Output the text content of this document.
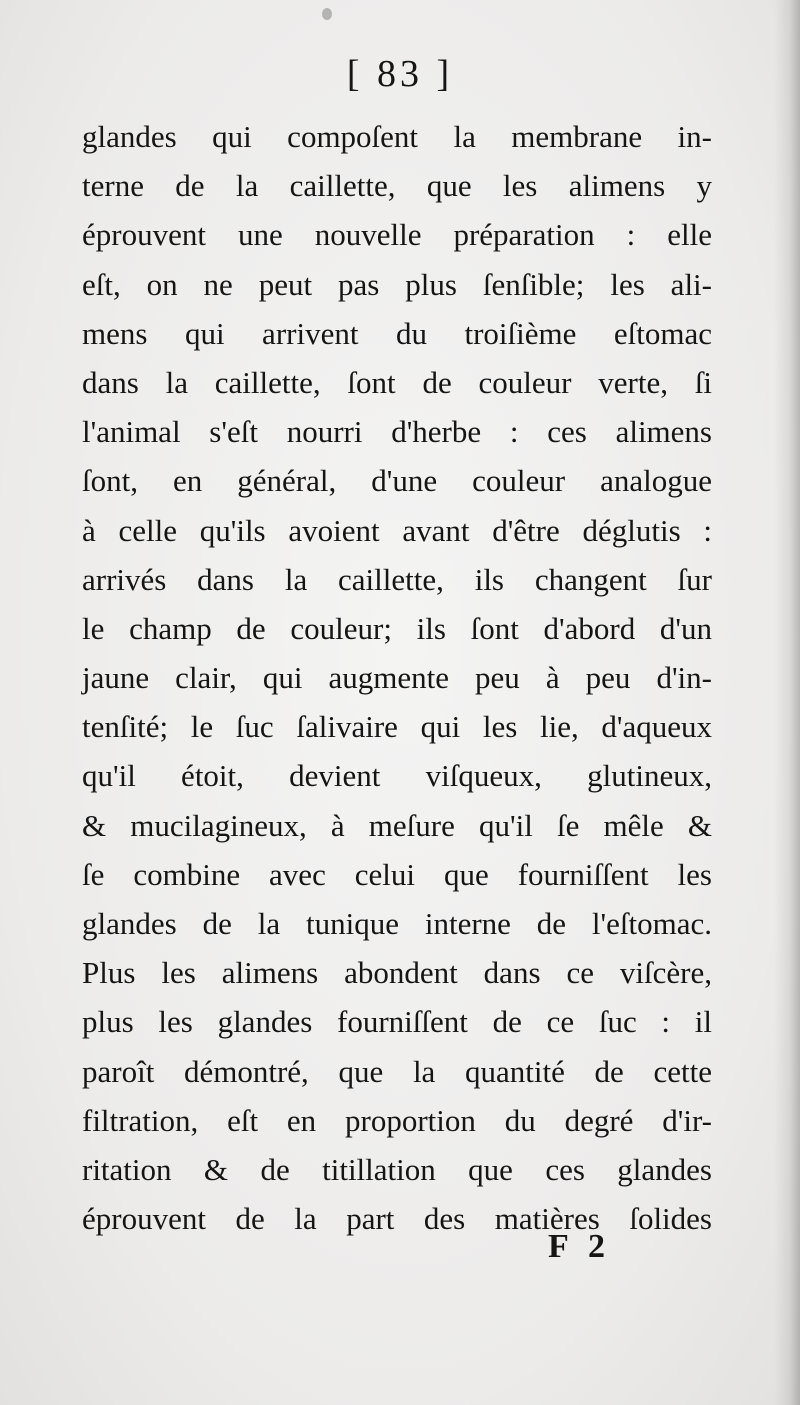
[ 83 ]
glandes qui compoſent la membrane in-
terne de la caillette, que les alimens y
éprouvent une nouvelle préparation : elle
eſt, on ne peut pas plus ſenſible; les ali-
mens qui arrivent du troiſième eſtomac
dans la caillette, ſont de couleur verte, ſi
l'animal s'eſt nourri d'herbe : ces alimens
ſont, en général, d'une couleur analogue
à celle qu'ils avoient avant d'être déglutis :
arrivés dans la caillette, ils changent ſur
le champ de couleur; ils ſont d'abord d'un
jaune clair, qui augmente peu à peu d'in-
tenſité; le ſuc ſalivaire qui les lie, d'aqueux
qu'il étoit, devient viſqueux, glutineux,
& mucilagineux, à meſure qu'il ſe mêle &
ſe combine avec celui que fourniſſent les
glandes de la tunique interne de l'eſtomac.
Plus les alimens abondent dans ce viſcère,
plus les glandes fourniſſent de ce ſuc : il
paroît démontré, que la quantité de cette
filtration, eſt en proportion du degré d'ir-
ritation & de titillation que ces glandes
éprouvent de la part des matières ſolides
F 2
